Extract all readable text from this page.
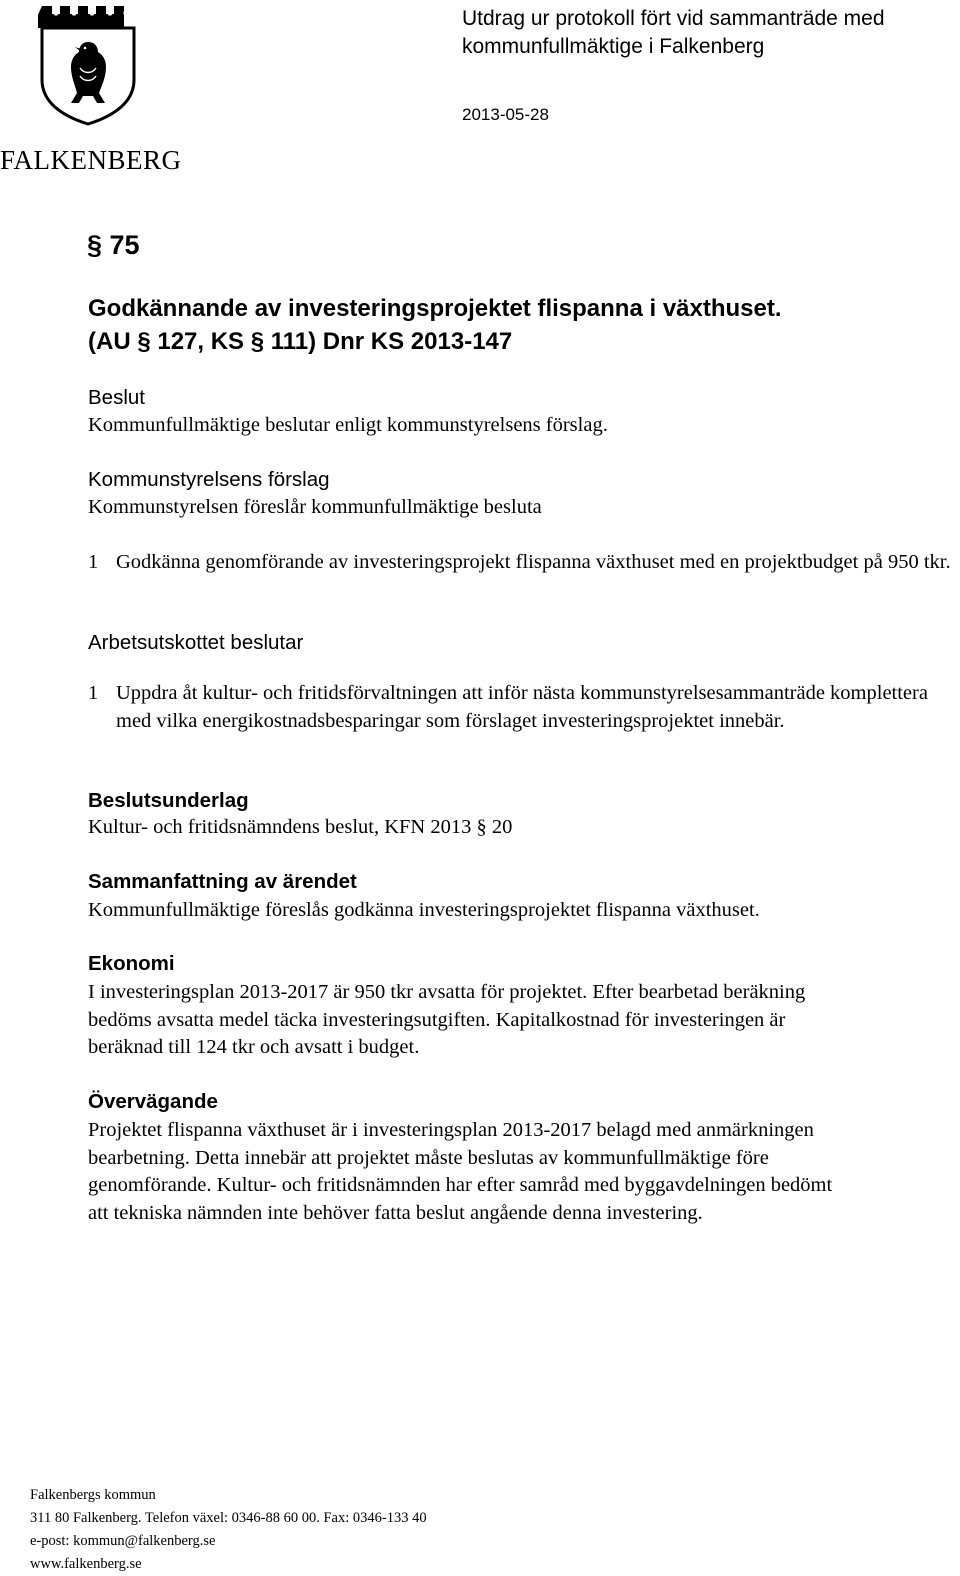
FALKENBERG
Utdrag ur protokoll fört vid sammanträde med kommunfullmäktige i Falkenberg
2013-05-28
§ 75
Godkännande av investeringsprojektet flispanna i växthuset.
(AU § 127, KS § 111) Dnr KS 2013-147
Beslut
Kommunfullmäktige beslutar enligt kommunstyrelsens förslag.
Kommunstyrelsens förslag
Kommunstyrelsen föreslår kommunfullmäktige besluta
1 Godkänna genomförande av investeringsprojekt flispanna växthuset med en projektbudget på 950 tkr.
Arbetsutskottet beslutar
1 Uppdra åt kultur- och fritidsförvaltningen att inför nästa kommunstyrelsesammanträde komplettera med vilka energikostnadsbesparingar som förslaget investeringsprojektet innebär.
Beslutsunderlag
Kultur- och fritidsnämndens beslut, KFN 2013 § 20
Sammanfattning av ärendet
Kommunfullmäktige föreslås godkänna investeringsprojektet flispanna växthuset.
Ekonomi
I investeringsplan 2013-2017 är 950 tkr avsatta för projektet. Efter bearbetad beräkning
bedöms avsatta medel täcka investeringsutgiften. Kapitalkostnad för investeringen är
beräknad till 124 tkr och avsatt i budget.
Övervägande
Projektet flispanna växthuset är i investeringsplan 2013-2017 belagd med anmärkningen
bearbetning. Detta innebär att projektet måste beslutas av kommunfullmäktige före
genomförande. Kultur- och fritidsnämnden har efter samråd med byggavdelningen bedömt
att tekniska nämnden inte behöver fatta beslut angående denna investering.
Falkenbergs kommun
311 80 Falkenberg. Telefon växel: 0346-88 60 00. Fax: 0346-133 40
e-post: kommun@falkenberg.se
www.falkenberg.se
